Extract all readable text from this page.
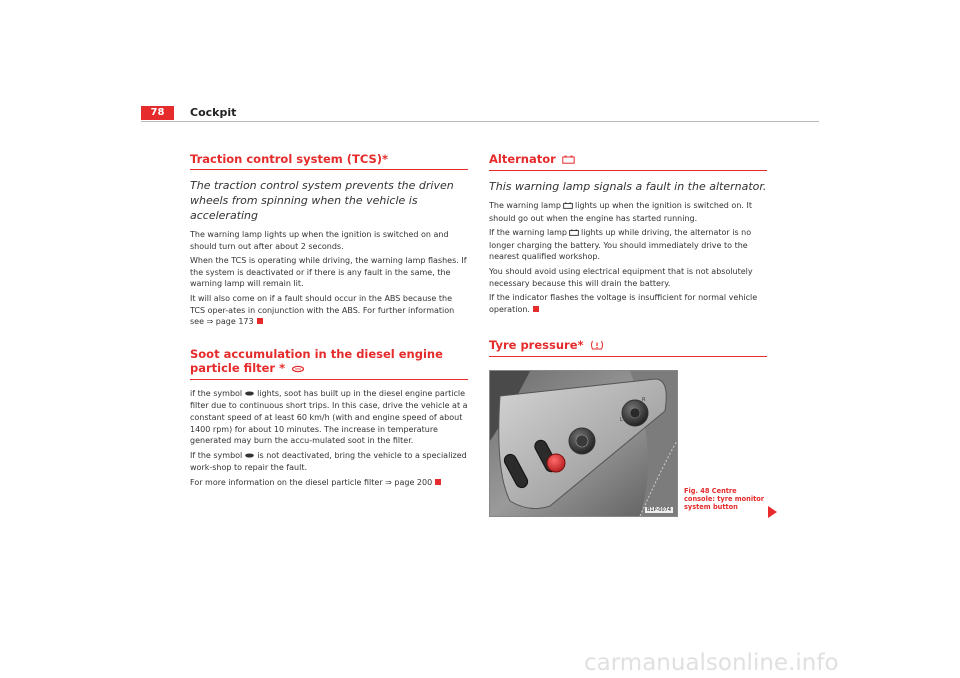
78	Cockpit
Traction control system (TCS)*
The traction control system prevents the driven wheels from spinning when the vehicle is accelerating

The warning lamp lights up when the ignition is switched on and should turn out after about 2 seconds.

When the TCS is operating while driving, the warning lamp flashes. If the system is deactivated or if there is any fault in the same, the warning lamp will remain lit.

It will also come on if a fault should occur in the ABS because the TCS oper-ates in conjunction with the ABS. For further information see ⇒ page 173

Soot accumulation in the diesel engine particle filter *

if the symbol lights, soot has built up in the diesel engine particle filter due to continuous short trips. In this case, drive the vehicle at a constant speed of at least 60 km/h (with and engine speed of about 1400 rpm) for about 10 minutes. The increase in temperature generated may burn the accu-mulated soot in the filter.

If the symbol is not deactivated, bring the vehicle to a specialized work-shop to repair the fault.

For more information on the diesel particle filter ⇒ page 200

Alternator
This warning lamp signals a fault in the alternator.

The warning lamp lights up when the ignition is switched on. It should go out when the engine has started running.

If the warning lamp lights up while driving, the alternator is no longer charging the battery. You should immediately drive to the nearest qualified workshop.

You should avoid using electrical equipment that is not absolutely necessary because this will drain the battery.

If the indicator flashes the voltage is insufficient for normal vehicle operation.

Tyre pressure*
R
L
B1P-0074
Fig. 48 Centre console: tyre monitor system button
carmanualsonline.info
